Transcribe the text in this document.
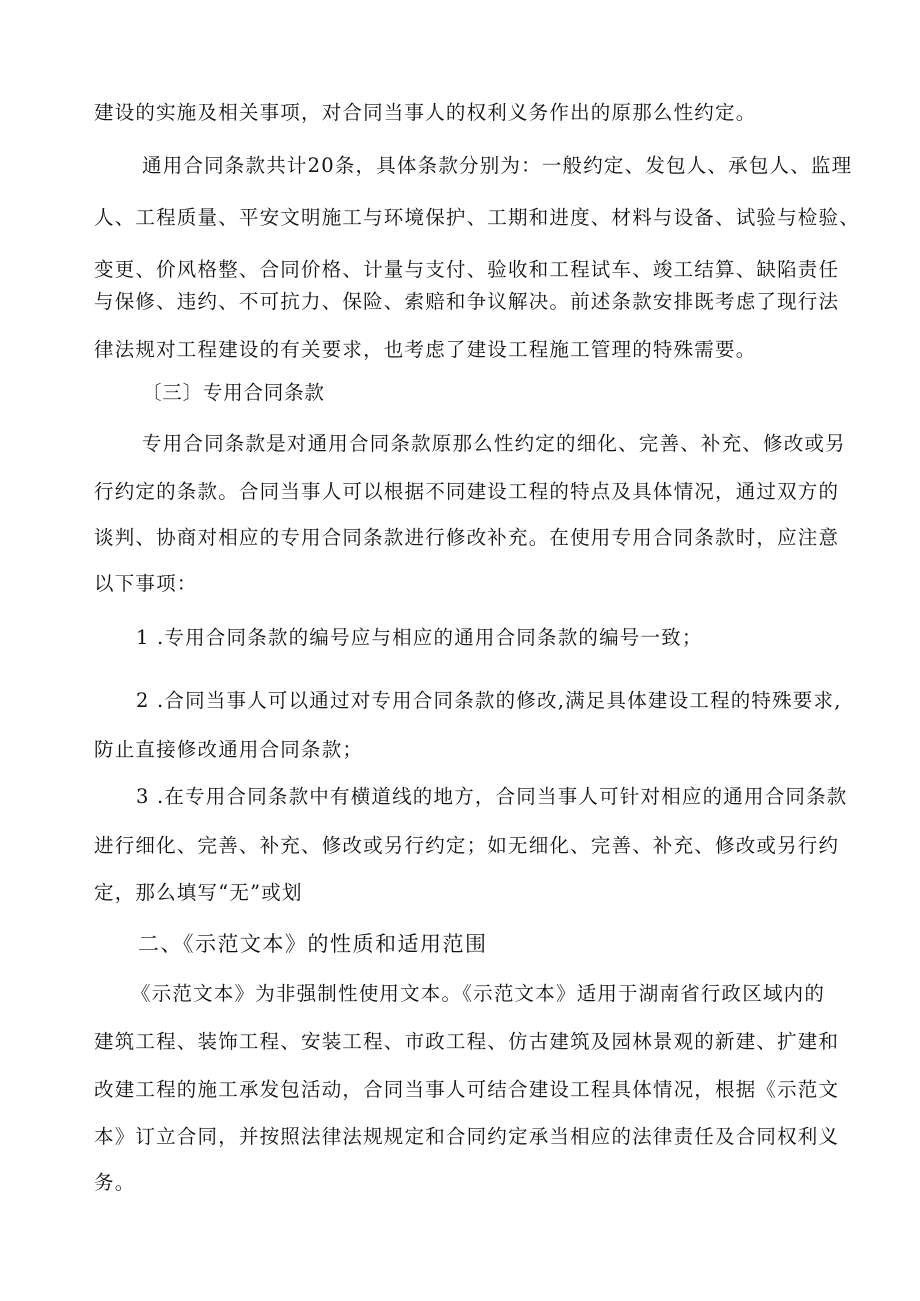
建设的实施及相关事项，对合同当事人的权利义务作出的原那么性约定。
通用合同条款共计20条，具体条款分别为：一般约定、发包人、承包人、监理
人、工程质量、平安文明施工与环境保护、工期和进度、材料与设备、试验与检验、
变更、价风格整、合同价格、计量与支付、验收和工程试车、竣工结算、缺陷责任
与保修、违约、不可抗力、保险、索赔和争议解决。前述条款安排既考虑了现行法
律法规对工程建设的有关要求，也考虑了建设工程施工管理的特殊需要。
〔三〕专用合同条款
专用合同条款是对通用合同条款原那么性约定的细化、完善、补充、修改或另
行约定的条款。合同当事人可以根据不同建设工程的特点及具体情况，通过双方的
谈判、协商对相应的专用合同条款进行修改补充。在使用专用合同条款时，应注意
以下事项：
1 .专用合同条款的编号应与相应的通用合同条款的编号一致；
2 .合同当事人可以通过对专用合同条款的修改,满足具体建设工程的特殊要求,
防止直接修改通用合同条款；
3 .在专用合同条款中有横道线的地方，合同当事人可针对相应的通用合同条款
进行细化、完善、补充、修改或另行约定；如无细化、完善、补充、修改或另行约
定，那么填写“无”或划
二、《示范文本》的性质和适用范围
《示范文本》为非强制性使用文本。《示范文本》适用于湖南省行政区域内的
建筑工程、装饰工程、安装工程、市政工程、仿古建筑及园林景观的新建、扩建和
改建工程的施工承发包活动，合同当事人可结合建设工程具体情况，根据《示范文
本》订立合同，并按照法律法规规定和合同约定承当相应的法律责任及合同权利义
务。
